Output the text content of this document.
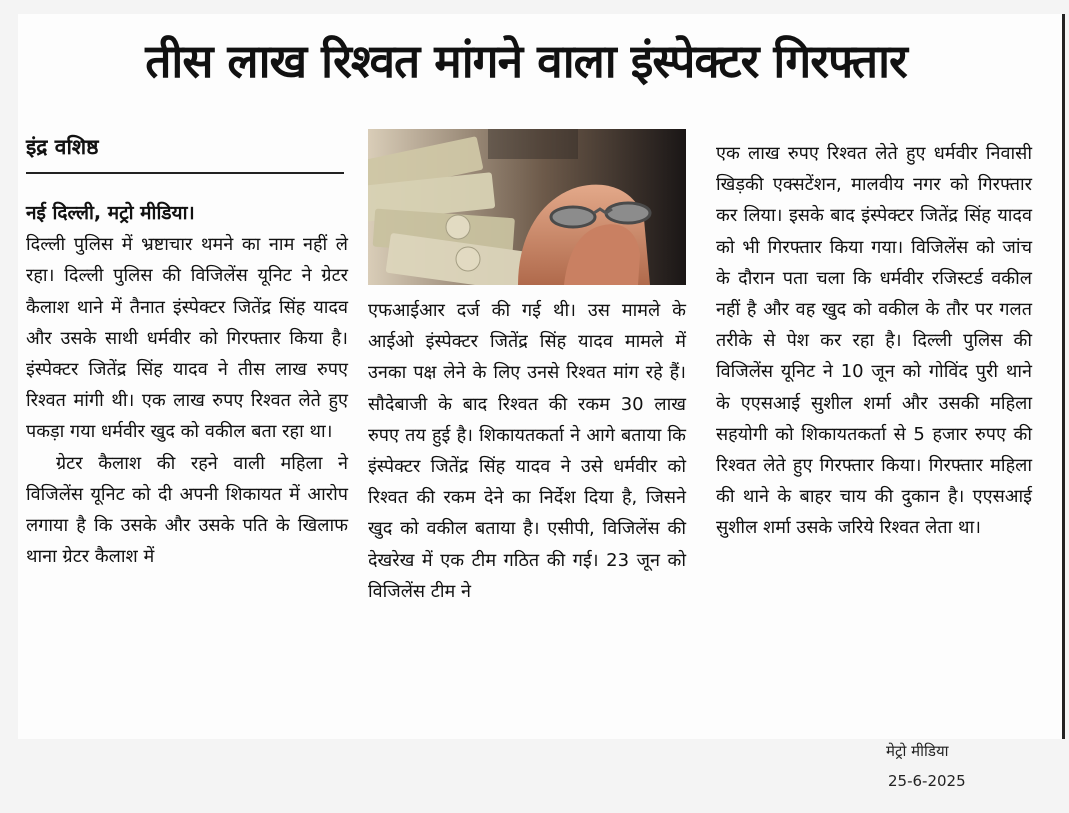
तीस लाख रिश्वत मांगने वाला इंस्पेक्टर गिरफ्तार
इंद्र वशिष्ठ

नई दिल्ली, मट्रो मीडिया।

दिल्ली पुलिस में भ्रष्टाचार थमने का नाम नहीं ले रहा। दिल्ली पुलिस की विजिलेंस यूनिट ने ग्रेटर कैलाश थाने में तैनात इंस्पेक्टर जितेंद्र सिंह यादव और उसके साथी धर्मवीर को गिरफ्तार किया है। इंस्पेक्टर जितेंद्र सिंह यादव ने तीस लाख रुपए रिश्वत मांगी थी। एक लाख रुपए रिश्वत लेते हुए पकड़ा गया धर्मवीर खुद को वकील बता रहा था।

ग्रेटर कैलाश की रहने वाली महिला ने विजिलेंस यूनिट को दी अपनी शिकायत में आरोप लगाया है कि उसके और उसके पति के खिलाफ थाना ग्रेटर कैलाश में

एफआईआर दर्ज की गई थी। उस मामले के आईओ इंस्पेक्टर जितेंद्र सिंह यादव मामले में उनका पक्ष लेने के लिए उनसे रिश्वत मांग रहे हैं। सौदेबाजी के बाद रिश्वत की रकम 30 लाख रुपए तय हुई है। शिकायतकर्ता ने आगे बताया कि इंस्पेक्टर जितेंद्र सिंह यादव ने उसे धर्मवीर को रिश्वत की रकम देने का निर्देश दिया है, जिसने खुद को वकील बताया है। एसीपी, विजिलेंस की देखरेख में एक टीम गठित की गई। 23 जून को विजिलेंस टीम ने

एक लाख रुपए रिश्वत लेते हुए धर्मवीर निवासी खिड़की एक्सटेंशन, मालवीय नगर को गिरफ्तार कर लिया। इसके बाद इंस्पेक्टर जितेंद्र सिंह यादव को भी गिरफ्तार किया गया। विजिलेंस को जांच के दौरान पता चला कि धर्मवीर रजिस्टर्ड वकील नहीं है और वह खुद को वकील के तौर पर गलत तरीके से पेश कर रहा है। दिल्ली पुलिस की विजिलेंस यूनिट ने 10 जून को गोविंद पुरी थाने के एएसआई सुशील शर्मा और उसकी महिला सहयोगी को शिकायतकर्ता से 5 हजार रुपए की रिश्वत लेते हुए गिरफ्तार किया। गिरफ्तार महिला की थाने के बाहर चाय की दुकान है। एएसआई सुशील शर्मा उसके जरिये रिश्वत लेता था।

मेट्रो मीडिया
25-6-2025
